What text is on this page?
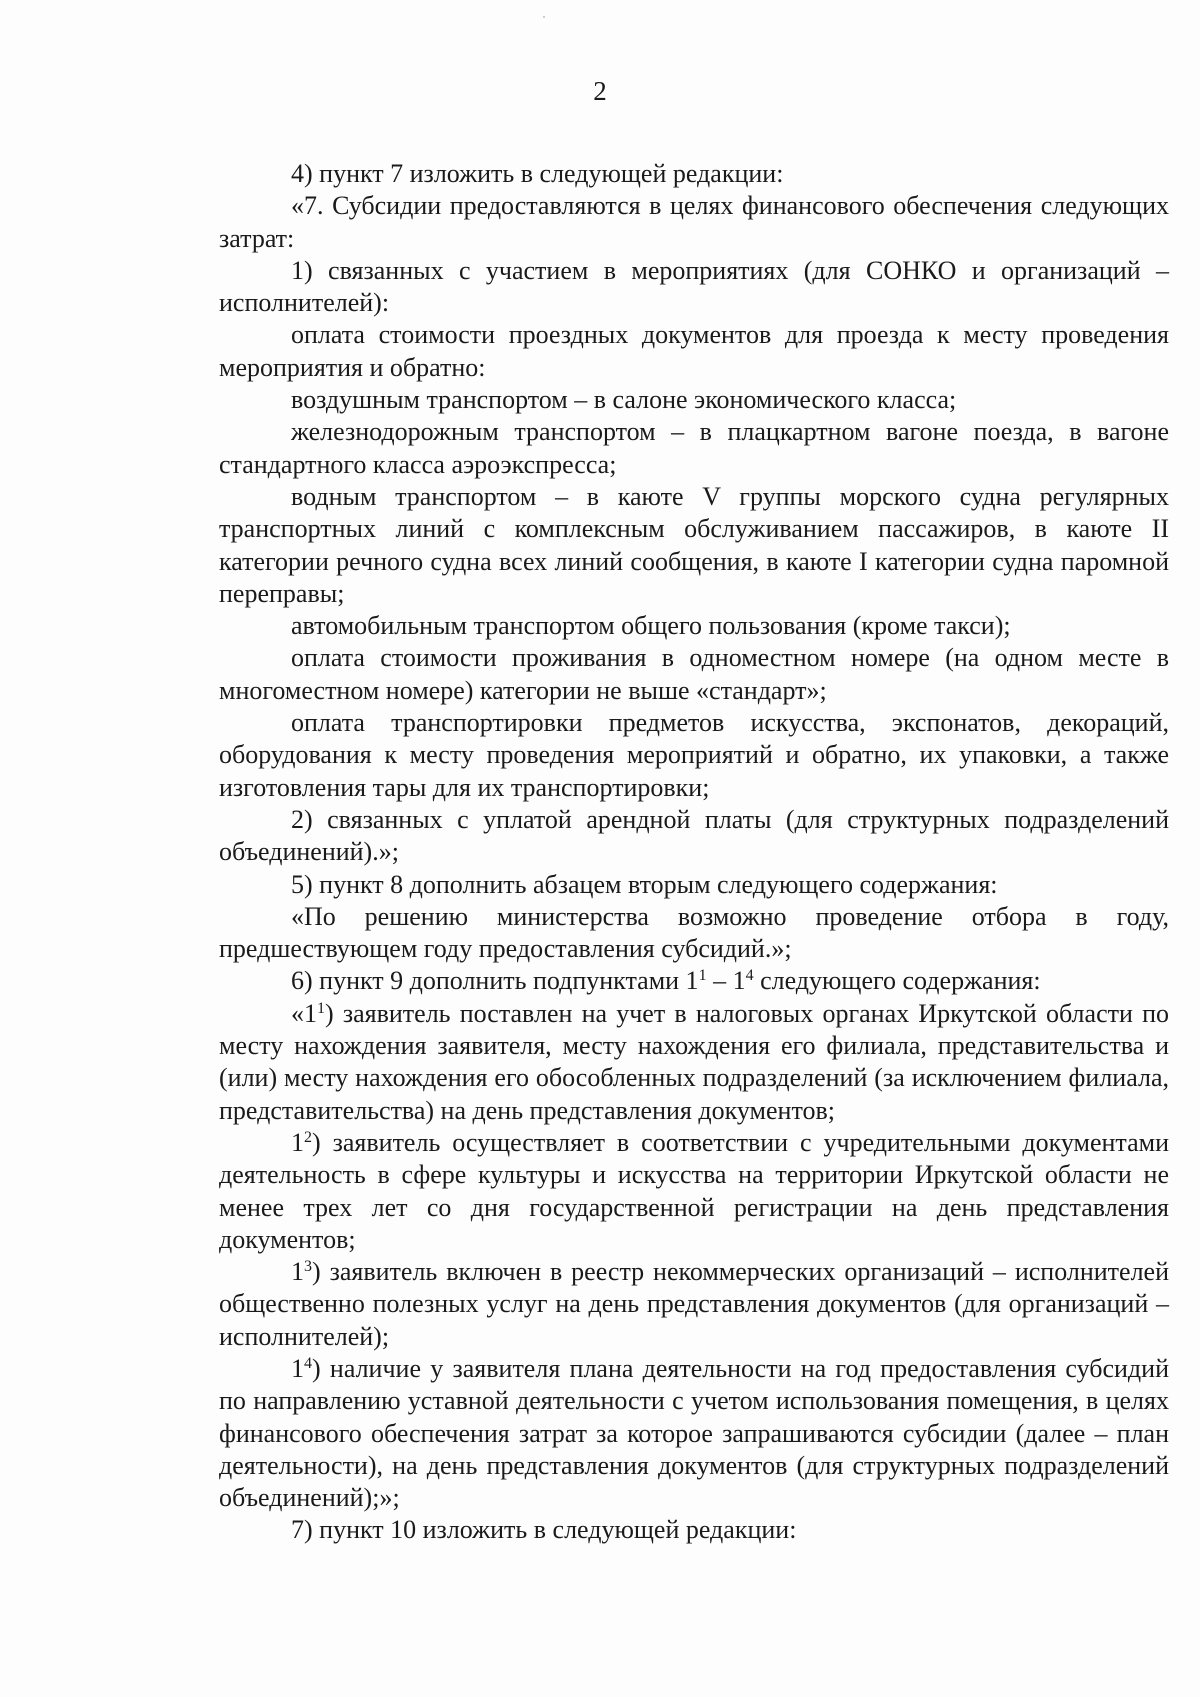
2

4) пункт 7 изложить в следующей редакции:

«7. Субсидии предоставляются в целях финансового обеспечения следующих затрат:

1) связанных с участием в мероприятиях (для СОНКО и организаций – исполнителей):

оплата стоимости проездных документов для проезда к месту проведения мероприятия и обратно:

воздушным транспортом – в салоне экономического класса;

железнодорожным транспортом – в плацкартном вагоне поезда, в вагоне стандартного класса аэроэкспресса;

водным транспортом – в каюте V группы морского судна регулярных транспортных линий с комплексным обслуживанием пассажиров, в каюте II категории речного судна всех линий сообщения, в каюте I категории судна паромной переправы;

автомобильным транспортом общего пользования (кроме такси);

оплата стоимости проживания в одноместном номере (на одном месте в многоместном номере) категории не выше «стандарт»;

оплата транспортировки предметов искусства, экспонатов, декораций, оборудования к месту проведения мероприятий и обратно, их упаковки, а также изготовления тары для их транспортировки;

2) связанных с уплатой арендной платы (для структурных подразделений объединений).»;

5) пункт 8 дополнить абзацем вторым следующего содержания:

«По решению министерства возможно проведение отбора в году, предшествующем году предоставления субсидий.»;

6) пункт 9 дополнить подпунктами $1^1 - 1^4$ следующего содержания:

«$1^1$) заявитель поставлен на учет в налоговых органах Иркутской области по месту нахождения заявителя, месту нахождения его филиала, представительства и (или) месту нахождения его обособленных подразделений (за исключением филиала, представительства) на день представления документов;

$1^2$) заявитель осуществляет в соответствии с учредительными документами деятельность в сфере культуры и искусства на территории Иркутской области не менее трех лет со дня государственной регистрации на день представления документов;

$1^3$) заявитель включен в реестр некоммерческих организаций – исполнителей общественно полезных услуг на день представления документов (для организаций – исполнителей);

$1^4$) наличие у заявителя плана деятельности на год предоставления субсидий по направлению уставной деятельности с учетом использования помещения, в целях финансового обеспечения затрат за которое запрашиваются субсидии (далее – план деятельности), на день представления документов (для структурных подразделений объединений);»;

7) пункт 10 изложить в следующей редакции:
